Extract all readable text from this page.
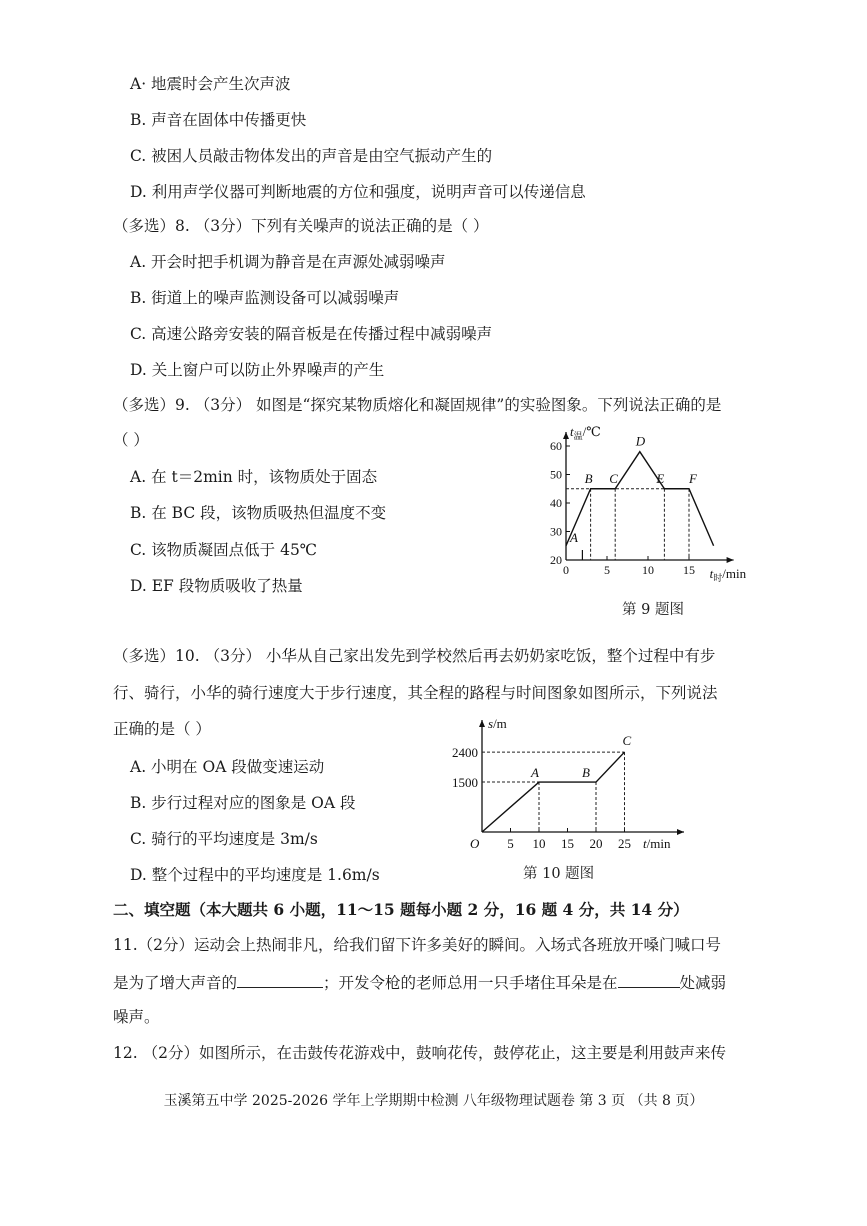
A· 地震时会产生次声波
B. 声音在固体中传播更快
C. 被困人员敲击物体发出的声音是由空气振动产生的
D. 利用声学仪器可判断地震的方位和强度，说明声音可以传递信息
（多选）8. （3分）下列有关噪声的说法正确的是（ ）
A. 开会时把手机调为静音是在声源处减弱噪声
B. 街道上的噪声监测设备可以减弱噪声
C. 高速公路旁安装的隔音板是在传播过程中减弱噪声
D. 关上窗户可以防止外界噪声的产生
（多选）9. （3分） 如图是“探究某物质熔化和凝固规律”的实验图象。下列说法正确的是
（ ）
A. 在 t＝2min 时，该物质处于固态
B. 在 BC 段，该物质吸热但温度不变
C. 该物质凝固点低于 45℃
D. EF 段物质吸收了热量
20
30
40
50
60
0	5	10 15
$t_温/℃$
$t_时/\min$
A
B C
D
E F
第 9 题图
（多选）10. （3分） 小华从自己家出发先到学校然后再去奶奶家吃饭，整个过程中有步
行、骑行，小华的骑行速度大于步行速度，其全程的路程与时间图象如图所示，下列说法
正确的是（ ）
A. 小明在 OA 段做变速运动
B. 步行过程对应的图象是 OA 段
C. 骑行的平均速度是 3m/s
D. 整个过程中的平均速度是 1.6m/s
O 5 10 15 20 25
1500
2400
s/m
t/min
A	B
C
第 10 题图
二、填空题（本大题共 6 小题，11～15 题每小题 2 分，16 题 4 分，共 14 分）
11.（2分）运动会上热闹非凡，给我们留下许多美好的瞬间。入场式各班放开嗓门喊口号
是为了增大声音的	；开发令枪的老师总用一只手堵住耳朵是在	处减弱
噪声。
12. （2分）如图所示，在击鼓传花游戏中，鼓响花传，鼓停花止，这主要是利用鼓声来传
玉溪第五中学 2025-2026 学年上学期期中检测 八年级物理试题卷 第 3 页 （共 8 页）
